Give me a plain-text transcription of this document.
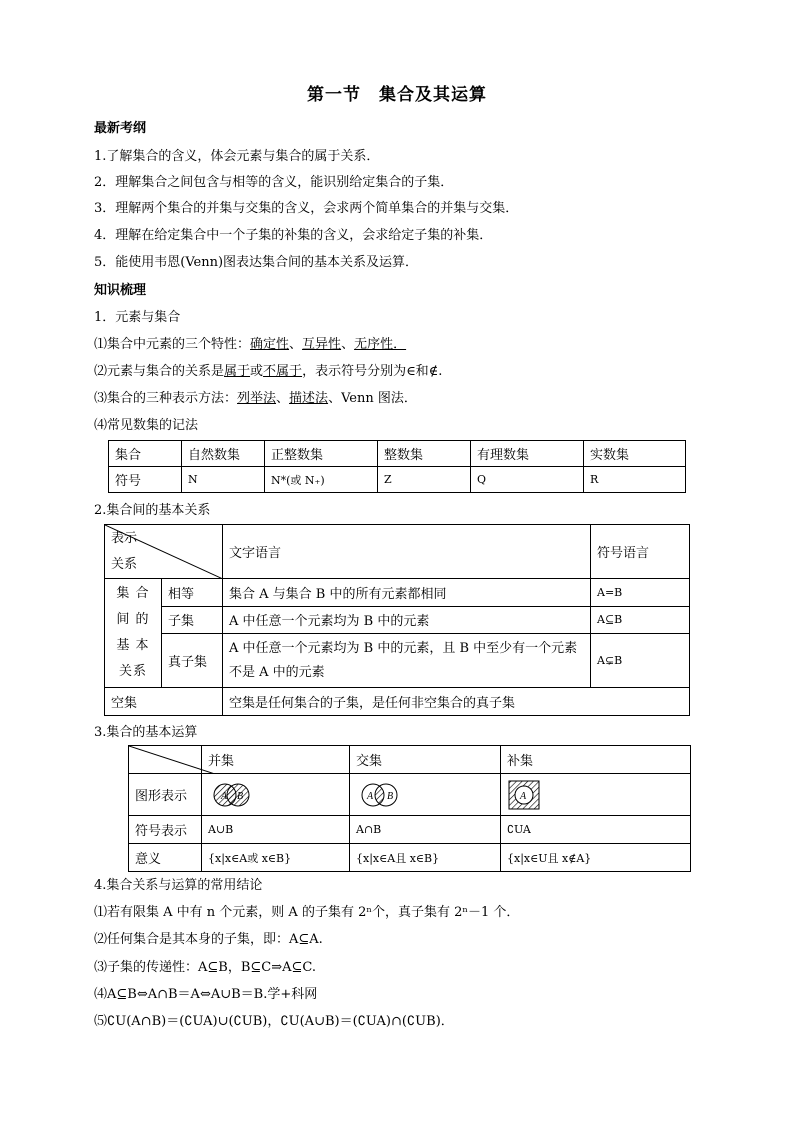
第一节　集合及其运算
最新考纲
1.了解集合的含义，体会元素与集合的属于关系．
2．理解集合之间包含与相等的含义，能识别给定集合的子集．
3．理解两个集合的并集与交集的含义，会求两个简单集合的并集与交集．
4．理解在给定集合中一个子集的补集的含义，会求给定子集的补集．
5．能使用韦恩(Venn)图表达集合间的基本关系及运算．
知识梳理
1．元素与集合
⑴集合中元素的三个特性：确定性、互异性、无序性．
⑵元素与集合的关系是属于或不属于，表示符号分别为∈和∉.
⑶集合的三种表示方法：列举法、描述法、Venn 图法．
⑷常见数集的记法
集合	自然数集	正整数集	整数集	有理数集	实数集
符号	N	N*(或 N₊)	Z	Q	R
2.集合间的基本关系
表示
关系		文字语言	符号语言

集 合 间 的 基 本 关系	相等	集合 A 与集合 B 中的所有元素都相同	A=B
	子集	A 中任意一个元素均为 B 中的元素	A⊆B
	真子集	A 中任意一个元素均为 B 中的元素，且 B 中至少有一个元素不是 A 中的元素	A⊊B
空集		空集是任何集合的子集，是任何非空集合的真子集	
3.集合的基本运算
	并集	交集	补集
图形表示	A B	A B	A

符号表示	A∪B	A∩B	∁UA
意义	{x|x∈A或 x∈B}	{x|x∈A且 x∈B}	{x|x∈U且 x∉A}
4.集合关系与运算的常用结论
⑴若有限集 A 中有 n 个元素，则 A 的子集有 2ⁿ个，真子集有 2ⁿ－1 个．
⑵任何集合是其本身的子集，即：A⊆A.
⑶子集的传递性：A⊆B，B⊆C⇒A⊆C.
⑷A⊆B⇔A∩B＝A⇔A∪B＝B.学+科网
⑸∁U(A∩B)＝(∁UA)∪(∁UB)，∁U(A∪B)＝(∁UA)∩(∁UB)．
